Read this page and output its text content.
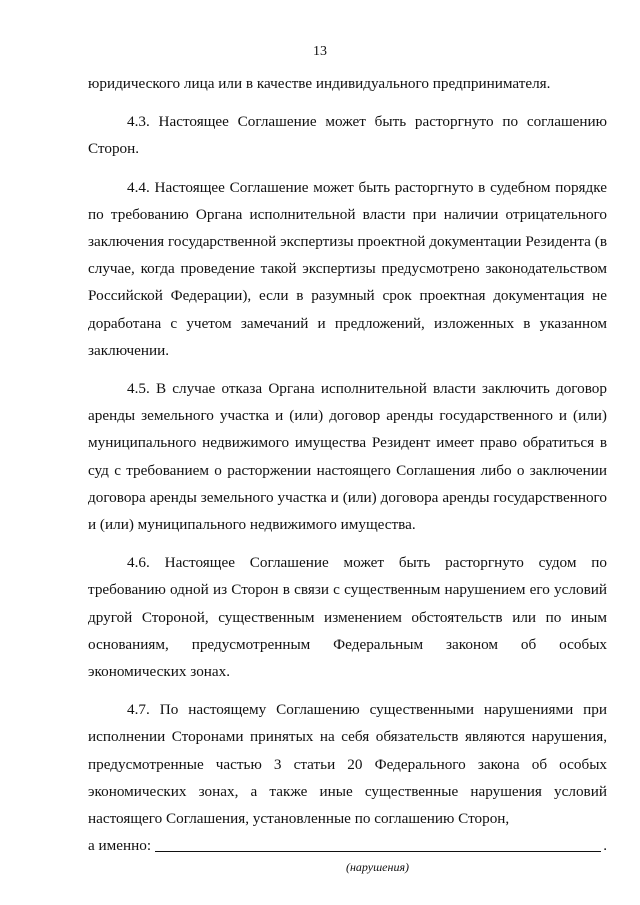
13

юридического лица или в качестве индивидуального предпринимателя.

4.3. Настоящее Соглашение может быть расторгнуто по соглашению Сторон.

4.4. Настоящее Соглашение может быть расторгнуто в судебном порядке по требованию Органа исполнительной власти при наличии отрицательного заключения государственной экспертизы проектной документации Резидента (в случае, когда проведение такой экспертизы предусмотрено законодательством Российской Федерации), если в разумный срок проектная документация не доработана с учетом замечаний и предложений, изложенных в указанном заключении.

4.5. В случае отказа Органа исполнительной власти заключить договор аренды земельного участка и (или) договор аренды государственного и (или) муниципального недвижимого имущества Резидент имеет право обратиться в суд с требованием о расторжении настоящего Соглашения либо о заключении договора аренды земельного участка и (или) договора аренды государственного и (или) муниципального недвижимого имущества.

4.6. Настоящее Соглашение может быть расторгнуто судом по требованию одной из Сторон в связи с существенным нарушением его условий другой Стороной, существенным изменением обстоятельств или по иным основаниям, предусмотренным Федеральным законом об особых экономических зонах.

4.7. По настоящему Соглашению существенными нарушениями при исполнении Сторонами принятых на себя обязательств являются нарушения, предусмотренные частью 3 статьи 20 Федерального закона об особых экономических зонах, а также иные существенные нарушения условий настоящего Соглашения, установленные по соглашению Сторон,

а именно:	.
(нарушения)
